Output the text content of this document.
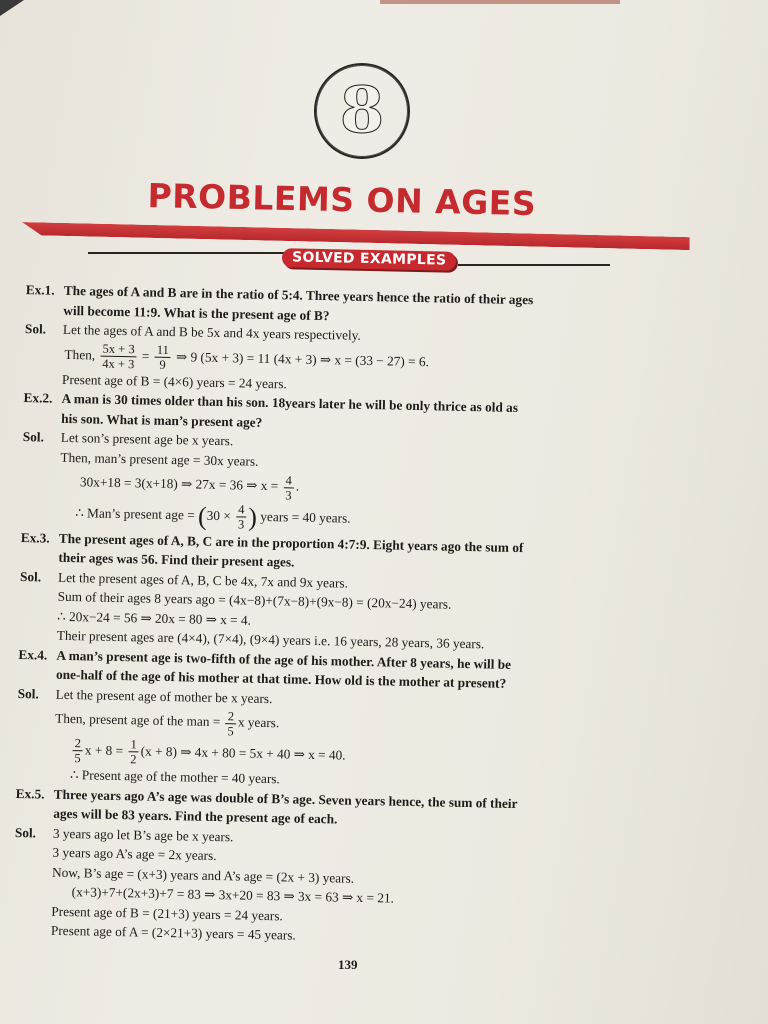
8
PROBLEMS ON AGES
SOLVED EXAMPLES
Ex.1. The ages of A and B are in the ratio of 5:4. Three years hence the ratio of their ages
will become 11:9. What is the present age of B?
Sol. Let the ages of A and B be 5x and 4x years respectively.
Then, $\frac{5x + 3}{4x + 3} = \frac{11}{9}$ ⇒ 9 (5x + 3) = 11 (4x + 3) ⇒ x = (33 − 27) = 6.
Present age of B = (4×6) years = 24 years.
Ex.2. A man is 30 times older than his son. 18years later he will be only thrice as old as
his son. What is man’s present age?
Sol. Let son’s present age be x years.
Then, man’s present age = 30x years.
30x+18 = 3(x+18) ⇒ 27x = 36 ⇒ $x = \frac{4}{3}$ .
∴ Man’s present age = ($30 \times \frac{4}{3}$ ) years = 40 years.
Ex.3. The present ages of A, B, C are in the proportion 4:7:9. Eight years ago the sum of
their ages was 56. Find their present ages.
Sol. Let the present ages of A, B, C be 4x, 7x and 9x years.
Sum of their ages 8 years ago = (4x−8)+(7x−8)+(9x−8) = (20x−24) years.
∴ 20x−24 = 56 ⇒ 20x = 80 ⇒ x = 4.
Their present ages are (4×4), (7×4), (9×4) years i.e. 16 years, 28 years, 36 years.
Ex.4. A man’s present age is two-fifth of the age of his mother. After 8 years, he will be
one-half of the age of his mother at that time. How old is the mother at present?
Sol. Let the present age of mother be x years.
Then, present age of the man = $\frac{2}{5}$ x years.
$\frac{2}{5}$ $x + 8 = \frac{1}{2} (x + 8)$ ⇒ 4x + 80 = 5x + 40 ⇒ x = 40.
∴ Present age of the mother = 40 years.
Ex.5. Three years ago A’s age was double of B’s age. Seven years hence, the sum of their
ages will be 83 years. Find the present age of each.
Sol. 3 years ago let B’s age be x years.
3 years ago A’s age = 2x years.
Now, B’s age = (x+3) years and A’s age = (2x + 3) years.
(x+3)+7+(2x+3)+7 = 83 ⇒ 3x+20 = 83 ⇒ 3x = 63 ⇒ x = 21.
Present age of B = (21+3) years = 24 years.
Present age of A = (2×21+3) years = 45 years.
139
